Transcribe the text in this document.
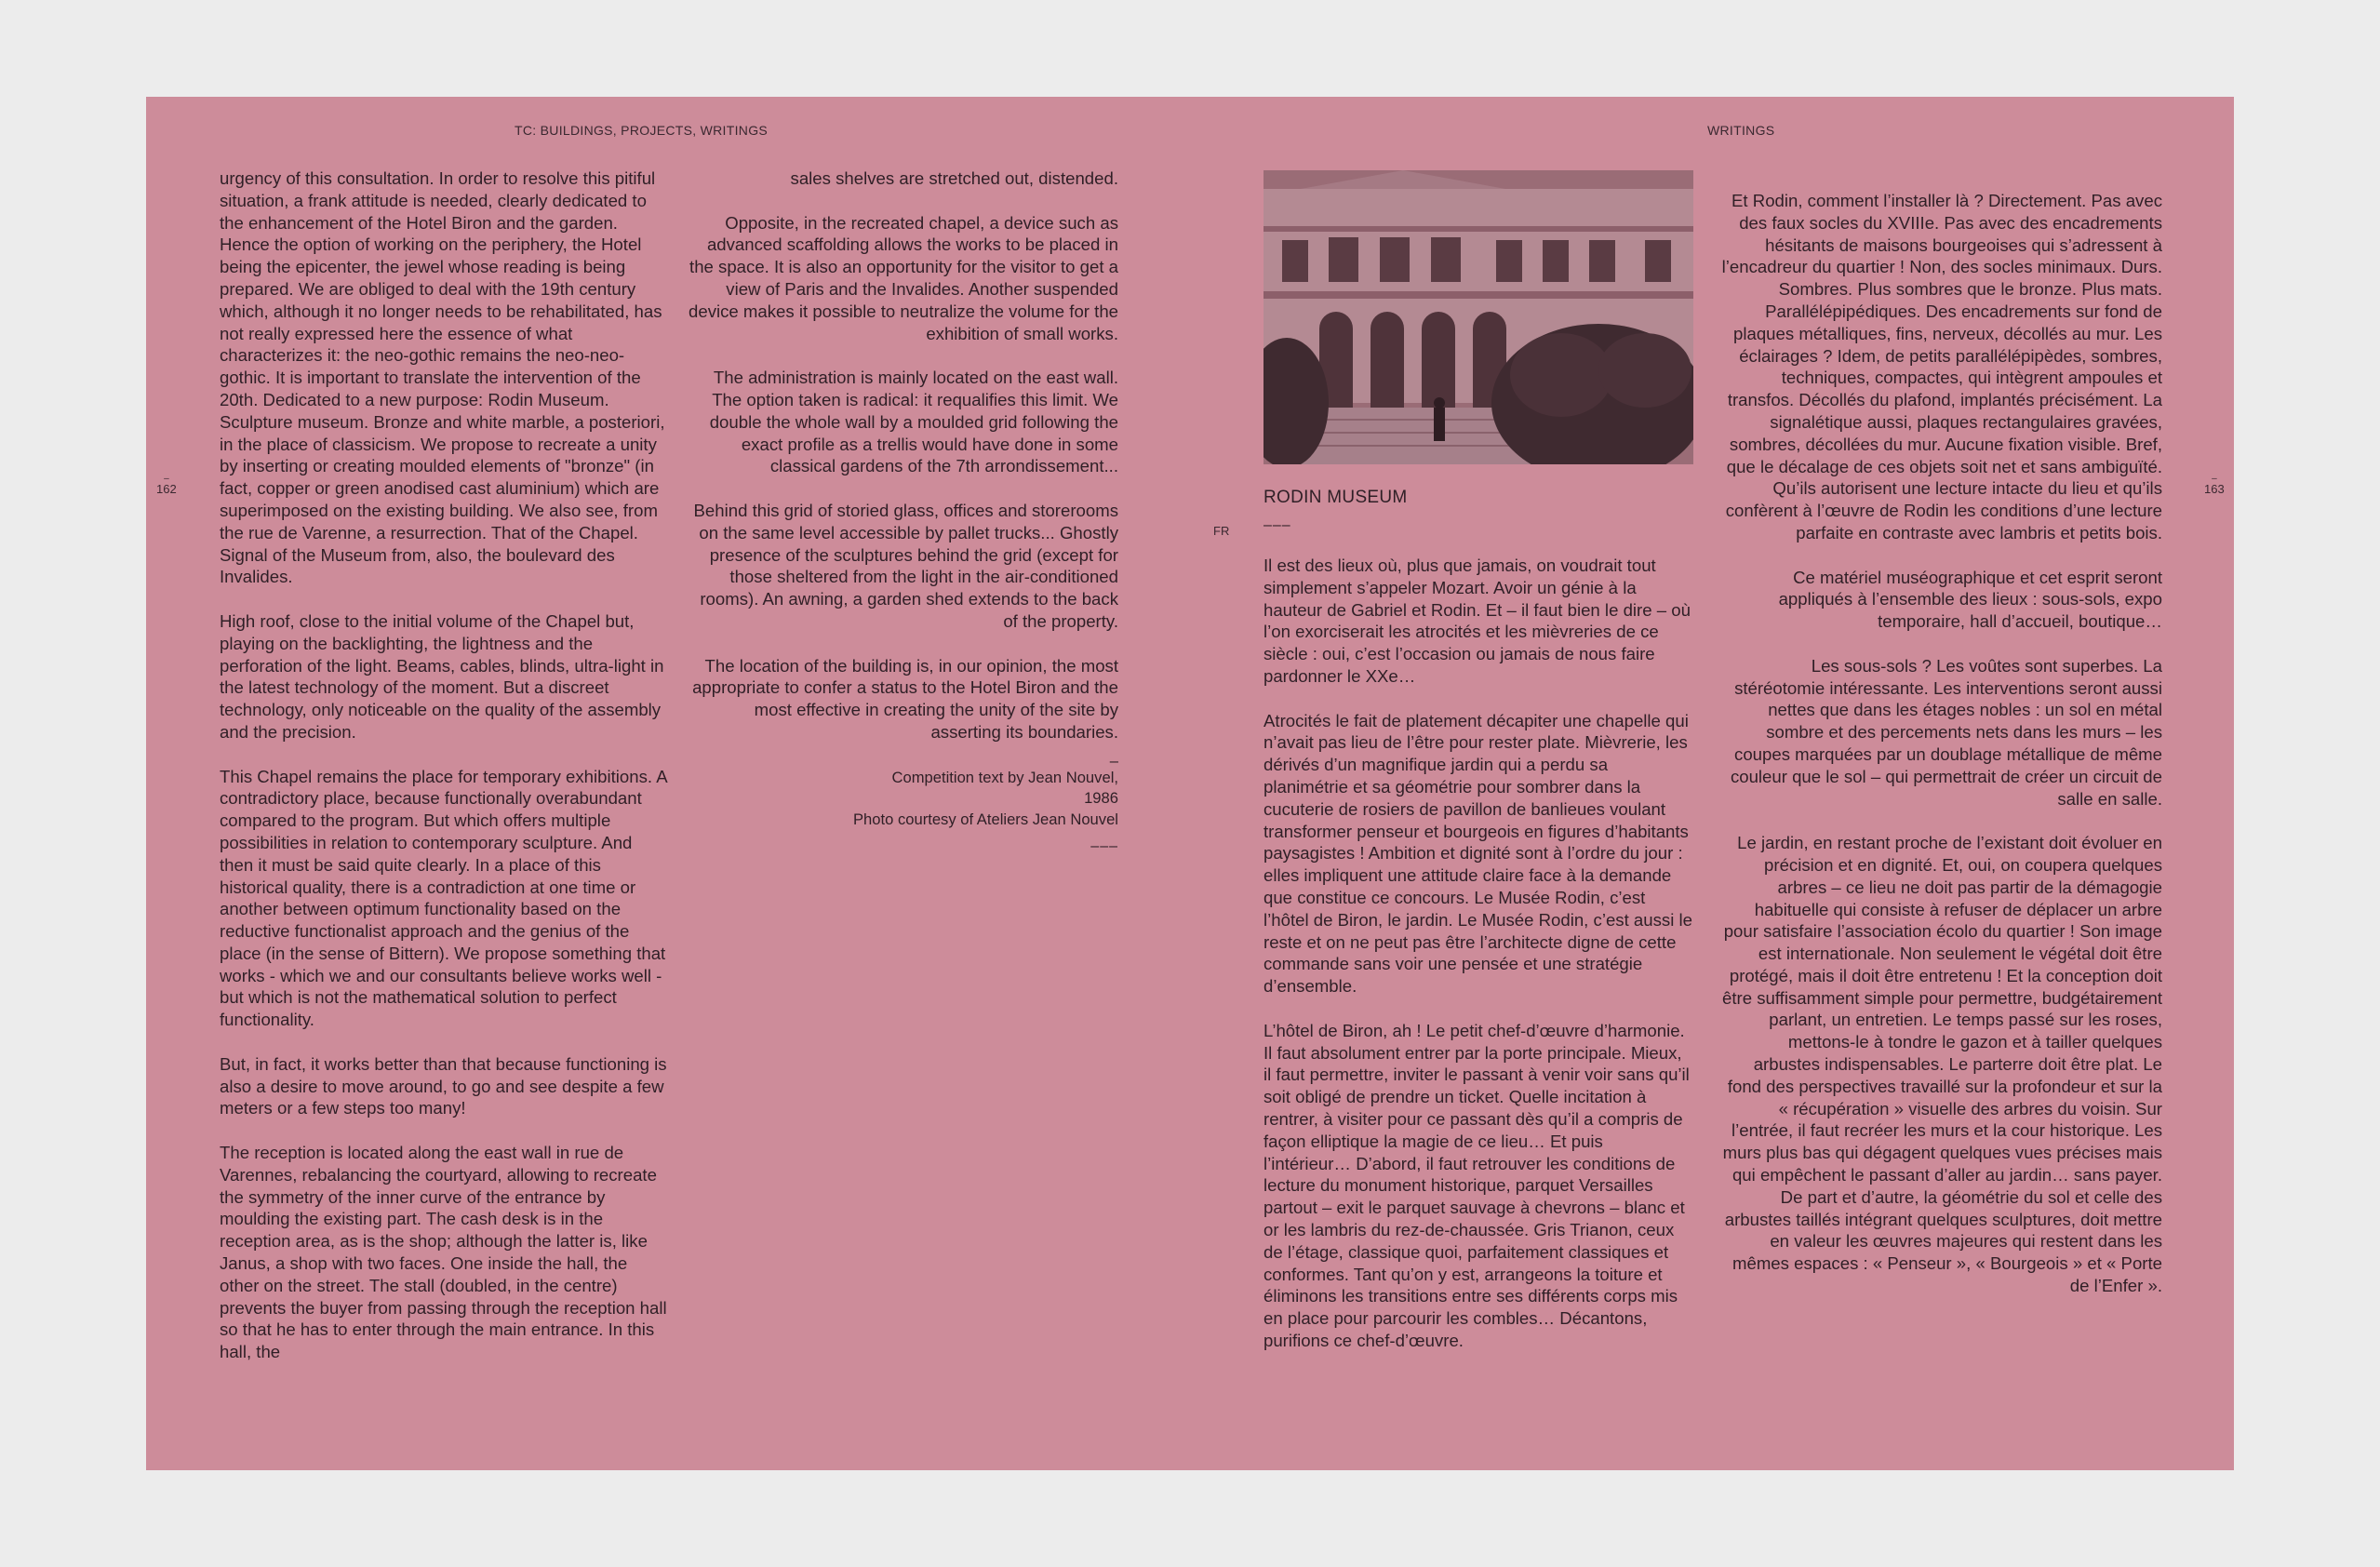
TC: BUILDINGS, PROJECTS, WRITINGS	WRITINGS
–
162
–
163

urgency of this consultation. In order to resolve this pitiful situation, a frank attitude is needed, clearly dedicated to the enhancement of the Hotel Biron and the garden. Hence the option of working on the periphery, the Hotel being the epicenter, the jewel whose reading is being prepared. We are obliged to deal with the 19th century which, although it no longer needs to be rehabilitated, has not really expressed here the essence of what characterizes it: the neo-gothic remains the neo-neo-gothic. It is important to translate the intervention of the 20th. Dedicated to a new purpose: Rodin Museum. Sculpture museum. Bronze and white marble, a posteriori, in the place of classicism. We propose to recreate a unity by inserting or creating moulded elements of "bronze" (in fact, copper or green anodised cast aluminium) which are superimposed on the existing building. We also see, from the rue de Varenne, a resurrection. That of the Chapel. Signal of the Museum from, also, the boulevard des Invalides.

High roof, close to the initial volume of the Chapel but, playing on the backlighting, the lightness and the perforation of the light. Beams, cables, blinds, ultra-light in the latest technology of the moment. But a discreet technology, only noticeable on the quality of the assembly and the precision.

This Chapel remains the place for temporary exhibitions. A contradictory place, because functionally overabundant compared to the program. But which offers multiple possibilities in relation to contemporary sculpture. And then it must be said quite clearly. In a place of this historical quality, there is a contradiction at one time or another between optimum functionality based on the reductive functionalist approach and the genius of the place (in the sense of Bittern). We propose something that works - which we and our consultants believe works well - but which is not the mathematical solution to perfect functionality.

But, in fact, it works better than that because functioning is also a desire to move around, to go and see despite a few meters or a few steps too many!

The reception is located along the east wall in rue de Varennes, rebalancing the courtyard, allowing to recreate the symmetry of the inner curve of the entrance by moulding the existing part. The cash desk is in the reception area, as is the shop; although the latter is, like Janus, a shop with two faces. One inside the hall, the other on the street. The stall (doubled, in the centre) prevents the buyer from passing through the reception hall so that he has to enter through the main entrance. In this hall, the

sales shelves are stretched out, distended.

Opposite, in the recreated chapel, a device such as advanced scaffolding allows the works to be placed in the space. It is also an opportunity for the visitor to get a view of Paris and the Invalides. Another suspended device makes it possible to neutralize the volume for the exhibition of small works.

The administration is mainly located on the east wall. The option taken is radical: it requalifies this limit. We double the whole wall by a moulded grid following the exact profile as a trellis would have done in some classical gardens of the 7th arrondissement...

Behind this grid of storied glass, offices and storerooms on the same level accessible by pallet trucks... Ghostly presence of the sculptures behind the grid (except for those sheltered from the light in the air-conditioned rooms). An awning, a garden shed extends to the back of the property.

The location of the building is, in our opinion, the most appropriate to confer a status to the Hotel Biron and the most effective in creating the unity of the site by asserting its boundaries.

–
Competition text by Jean Nouvel,
1986
Photo courtesy of Ateliers Jean Nouvel
–––
FR
RODIN MUSEUM
–––

Il est des lieux où, plus que jamais, on voudrait tout simplement s’appeler Mozart. Avoir un génie à la hauteur de Gabriel et Rodin. Et – il faut bien le dire – où l’on exorciserait les atrocités et les mièvreries de ce siècle : oui, c’est l’occasion ou jamais de nous faire pardonner le XXe…

Atrocités le fait de platement décapiter une chapelle qui n’avait pas lieu de l’être pour rester plate. Mièvrerie, les dérivés d’un magnifique jardin qui a perdu sa planimétrie et sa géométrie pour sombrer dans la cucuterie de rosiers de pavillon de banlieues voulant transformer penseur et bourgeois en figures d’habitants paysagistes ! Ambition et dignité sont à l’ordre du jour : elles impliquent une attitude claire face à la demande que constitue ce concours. Le Musée Rodin, c’est l’hôtel de Biron, le jardin. Le Musée Rodin, c’est aussi le reste et on ne peut pas être l’architecte digne de cette commande sans voir une pensée et une stratégie d’ensemble.

L’hôtel de Biron, ah ! Le petit chef-d’œuvre d’harmonie. Il faut absolument entrer par la porte principale. Mieux, il faut permettre, inviter le passant à venir voir sans qu’il soit obligé de prendre un ticket. Quelle incitation à rentrer, à visiter pour ce passant dès qu’il a compris de façon elliptique la magie de ce lieu… Et puis l’intérieur… D’abord, il faut retrouver les conditions de lecture du monument historique, parquet Versailles partout – exit le parquet sauvage à chevrons – blanc et or les lambris du rez-de-chaussée. Gris Trianon, ceux de l’étage, classique quoi, parfaitement classiques et conformes. Tant qu’on y est, arrangeons la toiture et éliminons les transitions entre ses différents corps mis en place pour parcourir les combles… Décantons, purifions ce chef-d’œuvre.

Et Rodin, comment l’installer là ? Directement. Pas avec des faux socles du XVIIIe. Pas avec des encadrements hésitants de maisons bourgeoises qui s’adressent à l’encadreur du quartier ! Non, des socles minimaux. Durs. Sombres. Plus sombres que le bronze. Plus mats. Parallélépipédiques. Des encadrements sur fond de plaques métalliques, fins, nerveux, décollés au mur. Les éclairages ? Idem, de petits parallélépipèdes, sombres, techniques, compactes, qui intègrent ampoules et transfos. Décollés du plafond, implantés précisément. La signalétique aussi, plaques rectangulaires gravées, sombres, décollées du mur. Aucune fixation visible. Bref, que le décalage de ces objets soit net et sans ambiguïté. Qu’ils autorisent une lecture intacte du lieu et qu’ils confèrent à l’œuvre de Rodin les conditions d’une lecture parfaite en contraste avec lambris et petits bois.

Ce matériel muséographique et cet esprit seront appliqués à l’ensemble des lieux : sous-sols, expo temporaire, hall d’accueil, boutique…

Les sous-sols ? Les voûtes sont superbes. La stéréotomie intéressante. Les interventions seront aussi nettes que dans les étages nobles : un sol en métal sombre et des percements nets dans les murs – les coupes marquées par un doublage métallique de même couleur que le sol – qui permettrait de créer un circuit de salle en salle.

Le jardin, en restant proche de l’existant doit évoluer en précision et en dignité. Et, oui, on coupera quelques arbres – ce lieu ne doit pas partir de la démagogie habituelle qui consiste à refuser de déplacer un arbre pour satisfaire l’association écolo du quartier ! Son image est internationale. Non seulement le végétal doit être protégé, mais il doit être entretenu ! Et la conception doit être suffisamment simple pour permettre, budgétairement parlant, un entretien. Le temps passé sur les roses, mettons-le à tondre le gazon et à tailler quelques arbustes indispensables. Le parterre doit être plat. Le fond des perspectives travaillé sur la profondeur et sur la « récupération » visuelle des arbres du voisin. Sur l’entrée, il faut recréer les murs et la cour historique. Les murs plus bas qui dégagent quelques vues précises mais qui empêchent le passant d’aller au jardin… sans payer. De part et d’autre, la géométrie du sol et celle des arbustes taillés intégrant quelques sculptures, doit mettre en valeur les œuvres majeures qui restent dans les mêmes espaces : « Penseur », « Bourgeois » et « Porte de l’Enfer ».
